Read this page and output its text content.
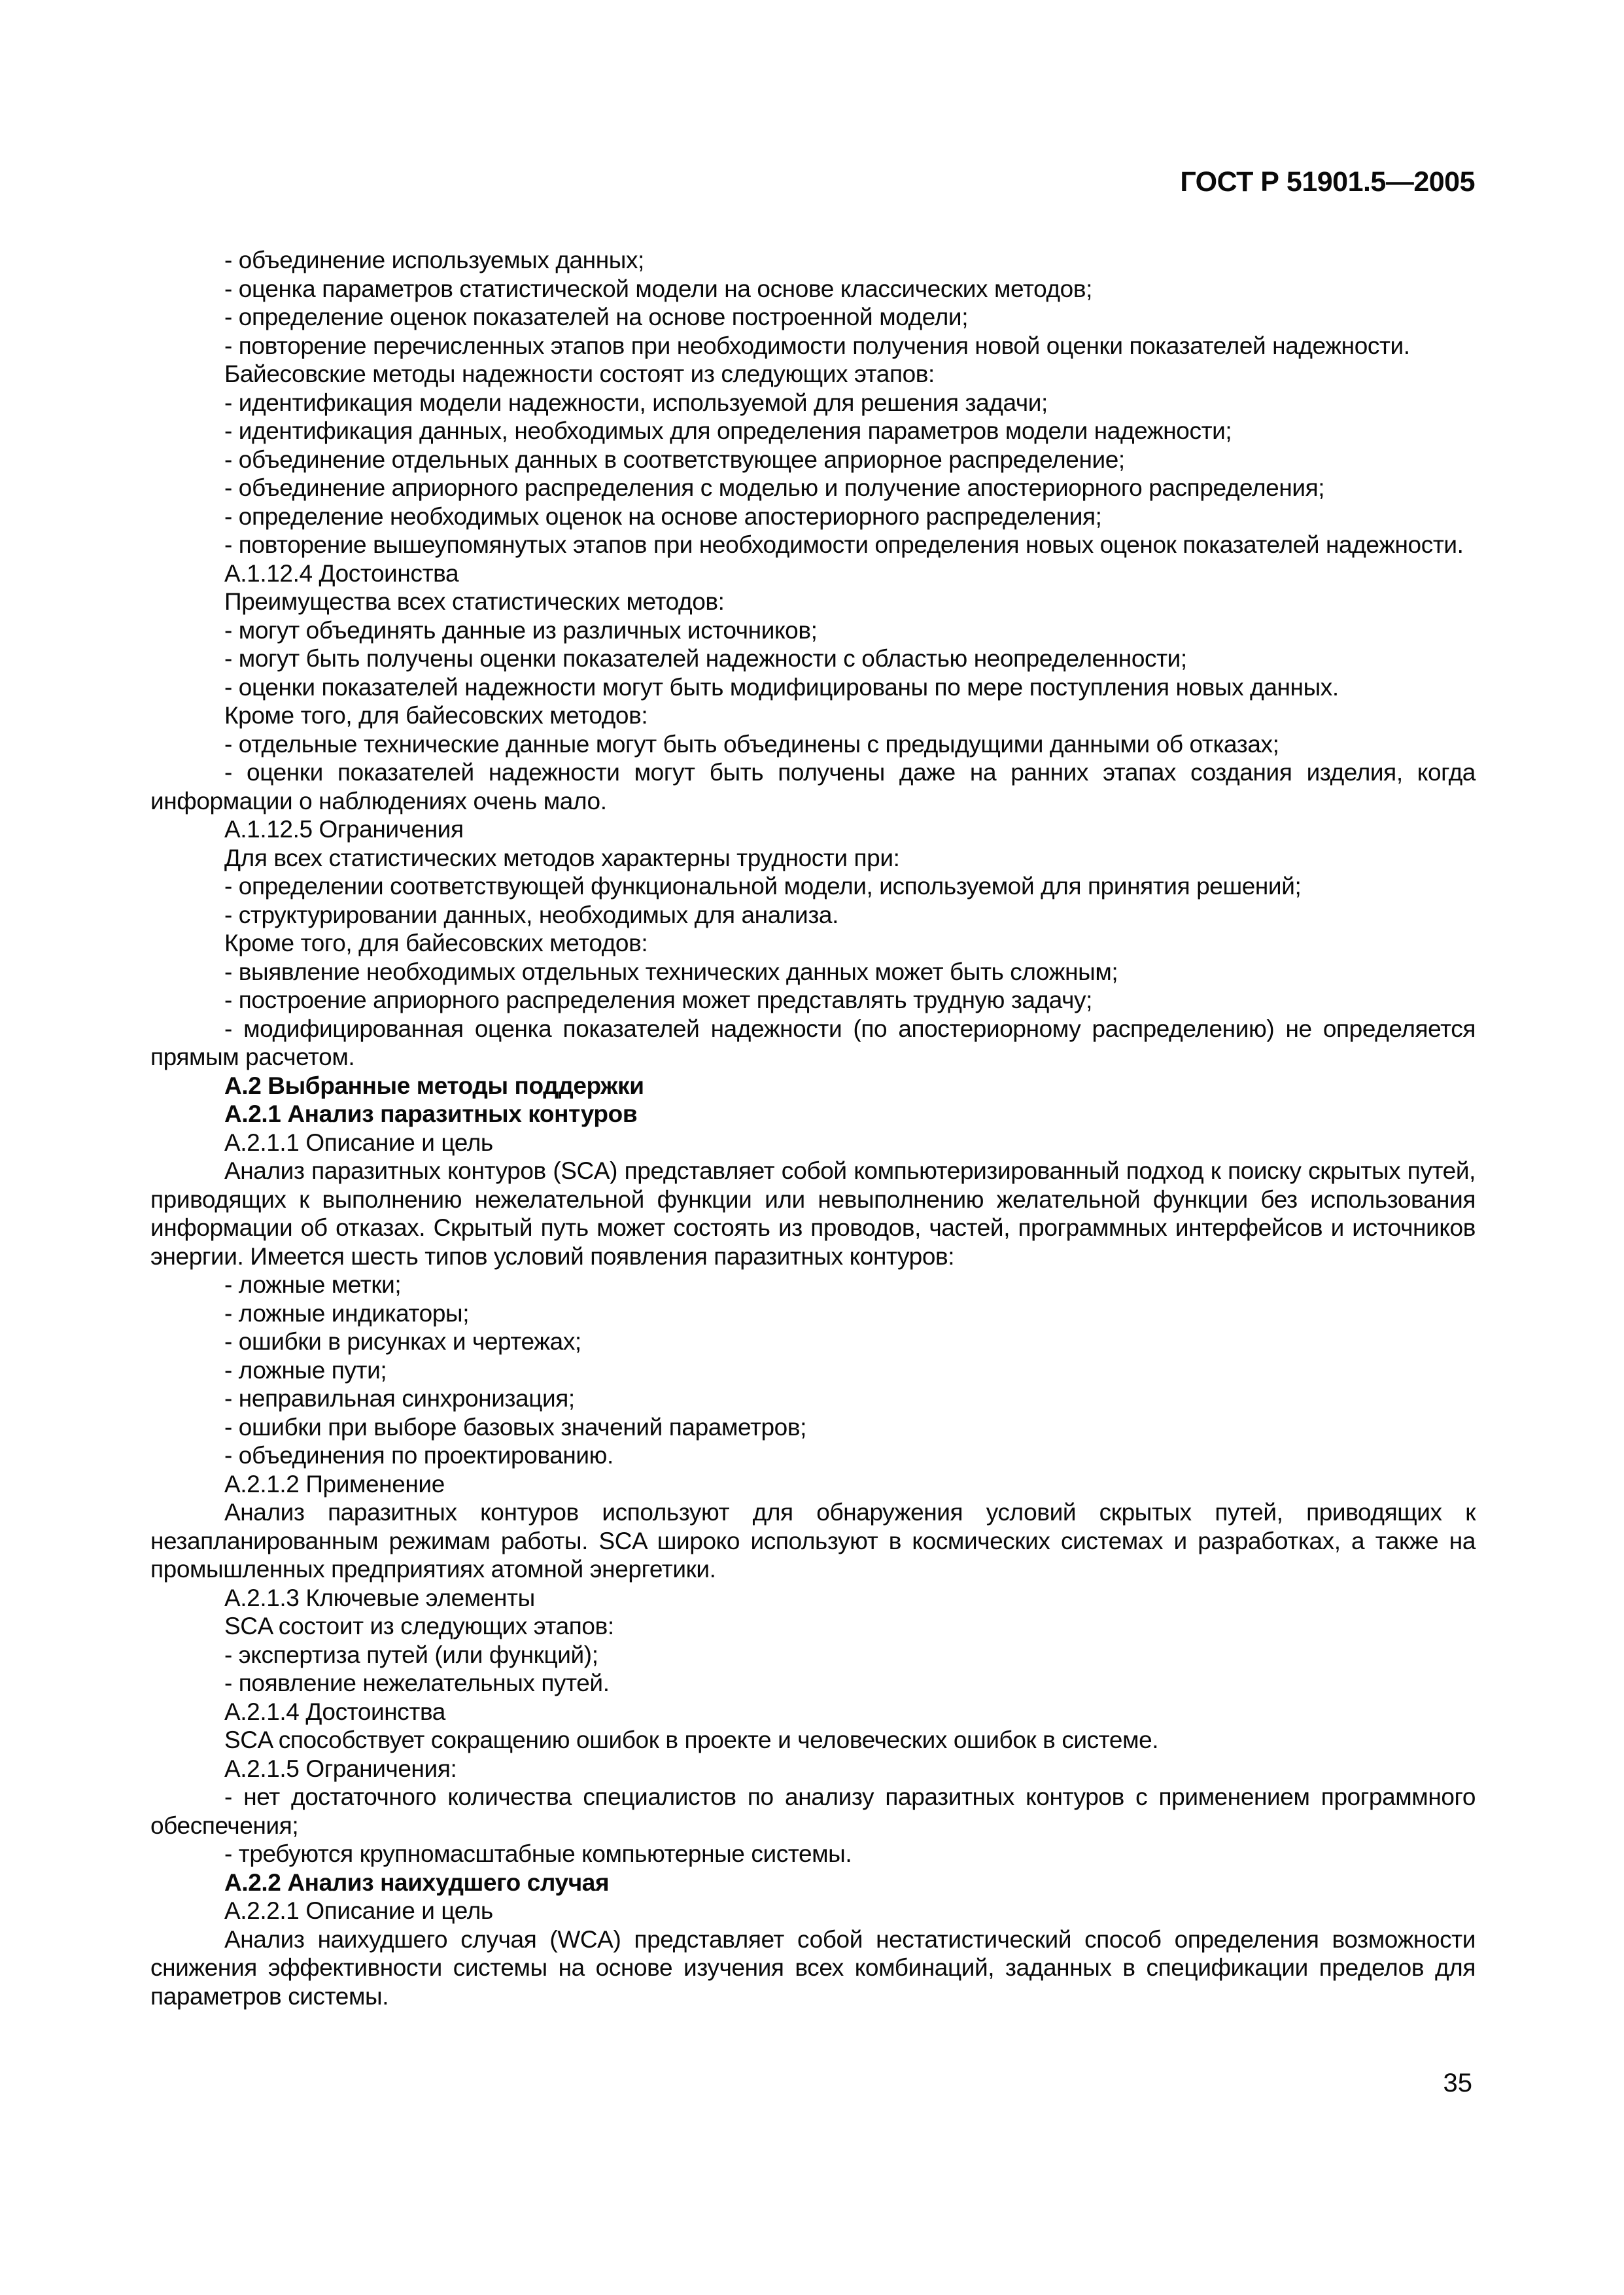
ГОСТ Р 51901.5—2005
- объединение используемых данных;
- оценка параметров статистической модели на основе классических методов;
- определение оценок показателей на основе построенной модели;
- повторение перечисленных этапов при необходимости получения новой оценки показателей надежности.
Байесовские методы надежности состоят из следующих этапов:
- идентификация модели надежности, используемой для решения задачи;
- идентификация данных, необходимых для определения параметров модели надежности;
- объединение отдельных данных в соответствующее априорное распределение;
- объединение априорного распределения с моделью и получение апостериорного распределения;
- определение необходимых оценок на основе апостериорного распределения;
- повторение вышеупомянутых этапов при необходимости определения новых оценок показателей надежности.
А.1.12.4 Достоинства
Преимущества всех статистических методов:
- могут объединять данные из различных источников;
- могут быть получены оценки показателей надежности с областью неопределенности;
- оценки показателей надежности могут быть модифицированы по мере поступления новых данных.
Кроме того, для байесовских методов:
- отдельные технические данные могут быть объединены с предыдущими данными об отказах;
- оценки показателей надежности могут быть получены даже на ранних этапах создания изделия, когда информации о наблюдениях очень мало.
А.1.12.5 Ограничения
Для всех статистических методов характерны трудности при:
- определении соответствующей функциональной модели, используемой для принятия решений;
- структурировании данных, необходимых для анализа.
Кроме того, для байесовских методов:
- выявление необходимых отдельных технических данных может быть сложным;
- построение априорного распределения может представлять трудную задачу;
- модифицированная оценка показателей надежности (по апостериорному распределению) не определяется прямым расчетом.
А.2 Выбранные методы поддержки
А.2.1 Анализ паразитных контуров
А.2.1.1 Описание и цель
Анализ паразитных контуров (SCA) представляет собой компьютеризированный подход к поиску скрытых путей, приводящих к выполнению нежелательной функции или невыполнению желательной функции без использования информации об отказах. Скрытый путь может состоять из проводов, частей, программных интерфейсов и источников энергии. Имеется шесть типов условий появления паразитных контуров:
- ложные метки;
- ложные индикаторы;
- ошибки в рисунках и чертежах;
- ложные пути;
- неправильная синхронизация;
- ошибки при выборе базовых значений параметров;
- объединения по проектированию.
А.2.1.2 Применение
Анализ паразитных контуров используют для обнаружения условий скрытых путей, приводящих к незапланированным режимам работы. SCA широко используют в космических системах и разработках, а также на промышленных предприятиях атомной энергетики.
А.2.1.3 Ключевые элементы
SCA состоит из следующих этапов:
- экспертиза путей (или функций);
- появление нежелательных путей.
А.2.1.4 Достоинства
SCA способствует сокращению ошибок в проекте и человеческих ошибок в системе.
А.2.1.5 Ограничения:
- нет достаточного количества специалистов по анализу паразитных контуров с применением программного обеспечения;
- требуются крупномасштабные компьютерные системы.
А.2.2 Анализ наихудшего случая
А.2.2.1 Описание и цель
Анализ наихудшего случая (WCA) представляет собой нестатистический способ определения возможности снижения эффективности системы на основе изучения всех комбинаций, заданных в спецификации пределов для параметров системы.
35
